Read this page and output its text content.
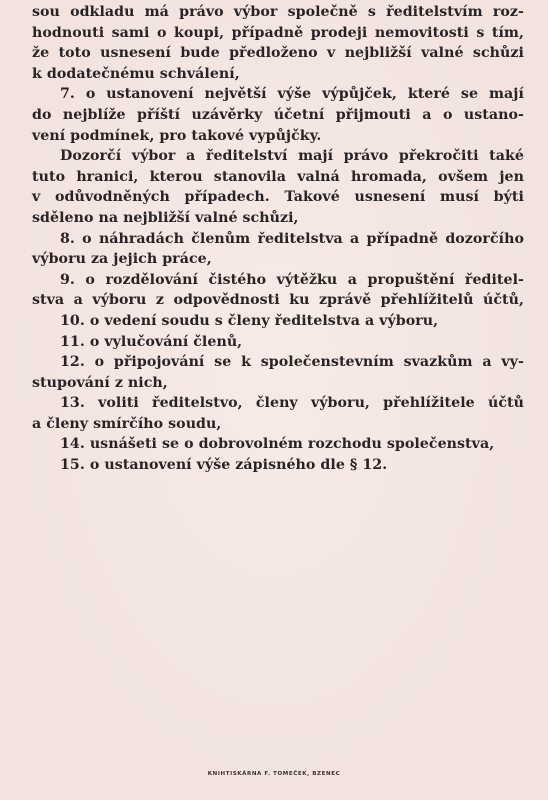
sou odkladu má právo výbor společně s ředitelstvím roz-
hodnouti sami o koupi, případně prodeji nemovitosti s tím,
že toto usnesení bude předloženo v nejbližší valné schůzi
k dodatečnému schválení,
7. o ustanovení největší výše výpůjček, které se mají
do nejblíže příští uzávěrky účetní přijmouti a o ustano-
vení podmínek, pro takové vypůjčky.
Dozorčí výbor a ředitelství mají právo překročiti také
tuto hranici, kterou stanovila valná hromada, ovšem jen
v odůvodněných případech. Takové usnesení musí býti
sděleno na nejbližší valné schůzi,
8. o náhradách členům ředitelstva a případně dozorčího
výboru za jejich práce,
9. o rozdělování čistého výtěžku a propuštění ředitel-
stva a výboru z odpovědnosti ku zprávě přehlížitelů účtů,
10. o vedení soudu s členy ředitelstva a výboru,
11. o vylučování členů,
12. o připojování se k společenstevním svazkům a vy-
stupování z nich,
13. voliti ředitelstvo, členy výboru, přehlížitele účtů
a členy smírčího soudu,
14. usnášeti se o dobrovolném rozchodu společenstva,
15. o ustanovení výše zápisného dle § 12.
KNIHTISKÁRNA F. TOMEČEK, BZENEC
